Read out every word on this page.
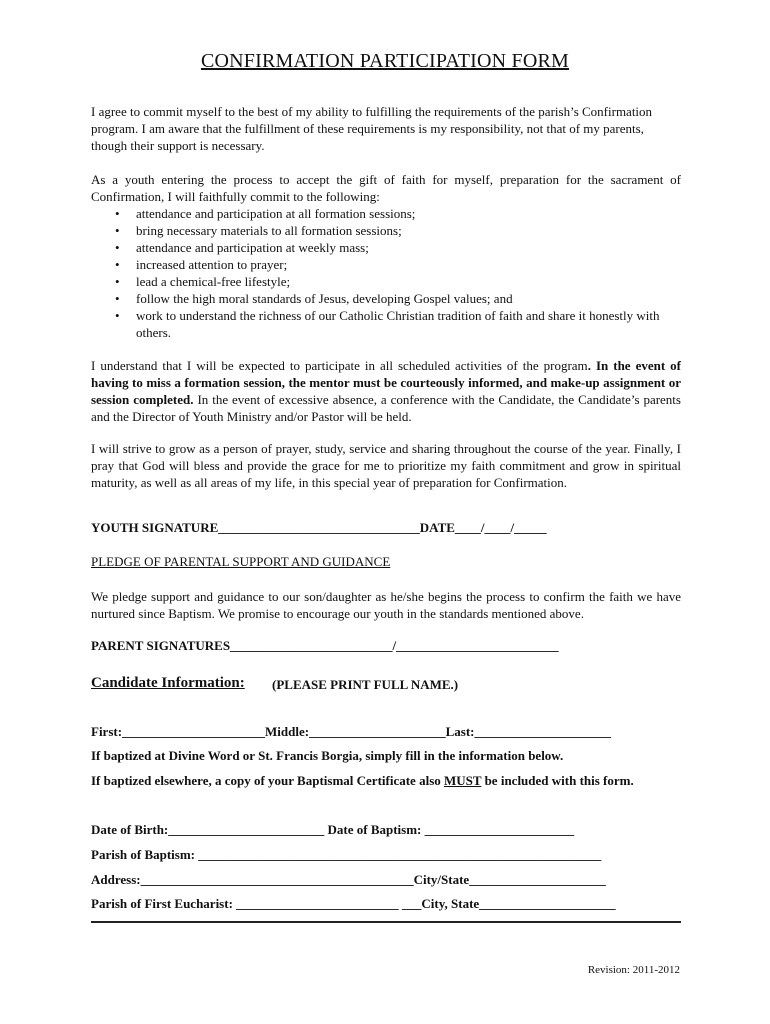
CONFIRMATION PARTICIPATION FORM

I agree to commit myself to the best of my ability to fulfilling the requirements of the parish’s Confirmation program. I am aware that the fulfillment of these requirements is my responsibility, not that of my parents, though their support is necessary.

As a youth entering the process to accept the gift of faith for myself, preparation for the sacrament of Confirmation, I will faithfully commit to the following:

• attendance and participation at all formation sessions;
• bring necessary materials to all formation sessions;
• attendance and participation at weekly mass;
• increased attention to prayer;
• lead a chemical-free lifestyle;
• follow the high moral standards of Jesus, developing Gospel values; and
• work to understand the richness of our Catholic Christian tradition of faith and share it honestly with others.

I understand that I will be expected to participate in all scheduled activities of the program. In the event of having to miss a formation session, the mentor must be courteously informed, and make-up assignment or session completed. In the event of excessive absence, a conference with the Candidate, the Candidate’s parents and the Director of Youth Ministry and/or Pastor will be held.

I will strive to grow as a person of prayer, study, service and sharing throughout the course of the year. Finally, I pray that God will bless and provide the grace for me to prioritize my faith commitment and grow in spiritual maturity, as well as all areas of my life, in this special year of preparation for Confirmation.

YOUTH SIGNATURE_______________________________DATE____/____/_____
PLEDGE OF PARENTAL SUPPORT AND GUIDANCE

We pledge support and guidance to our son/daughter as he/she begins the process to confirm the faith we have nurtured since Baptism. We promise to encourage our youth in the standards mentioned above.

PARENT SIGNATURES_________________________/_________________________
Candidate Information: (PLEASE PRINT FULL NAME.)
First:______________________Middle:_____________________Last:_____________________
If baptized at Divine Word or St. Francis Borgia, simply fill in the information below.
If baptized elsewhere, a copy of your Baptismal Certificate also MUST be included with this form.
Date of Birth:________________________ Date of Baptism: _______________________
Parish of Baptism: ______________________________________________________________
Address:__________________________________________City/State_____________________
Parish of First Eucharist: _________________________ ___City, State_____________________
Revision: 2011-2012
